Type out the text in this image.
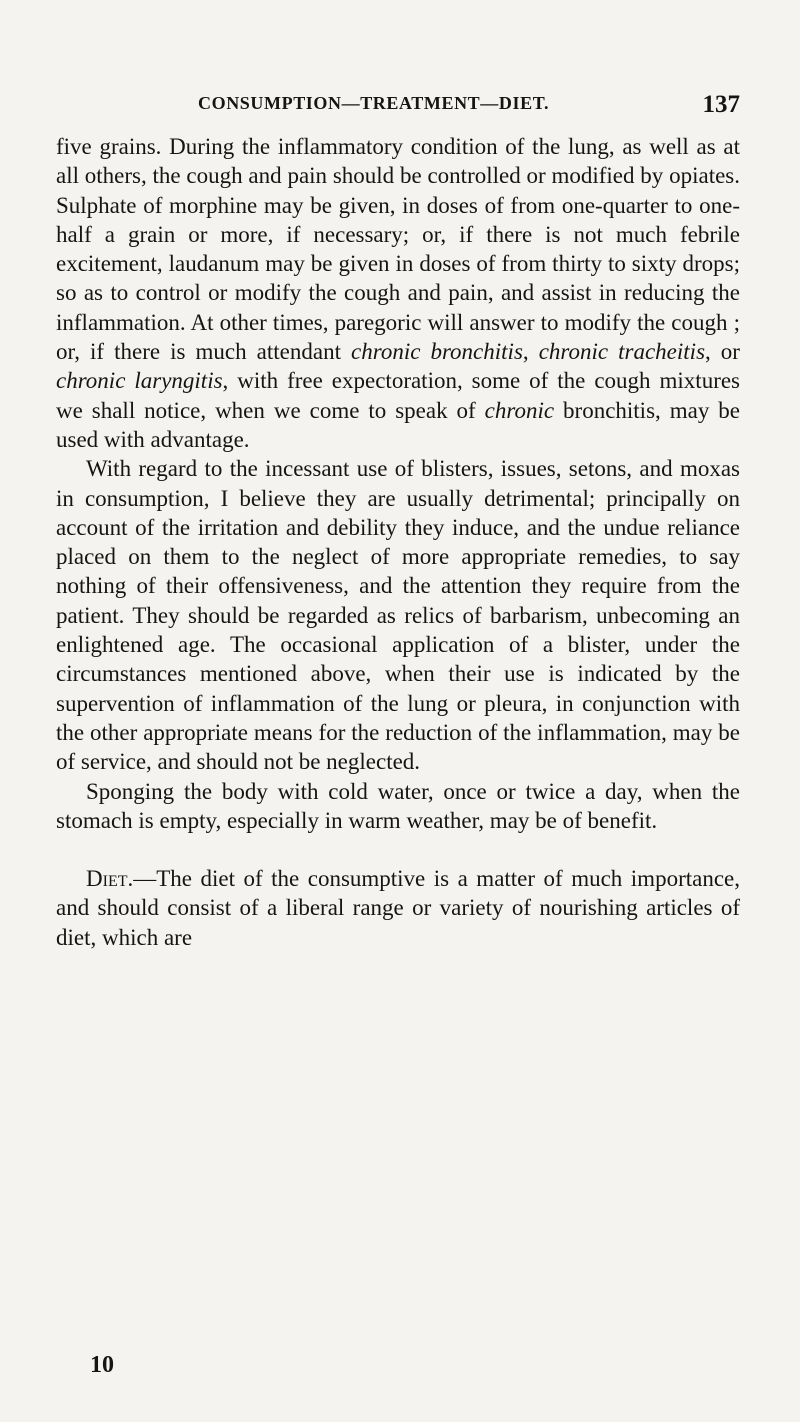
CONSUMPTION—TREATMENT—DIET.	137

five grains. During the inflammatory condition of the lung, as well as at all others, the cough and pain should be controlled or modified by opiates. Sulphate of morphine may be given, in doses of from one-quarter to one-half a grain or more, if necessary; or, if there is not much febrile excitement, laudanum may be given in doses of from thirty to sixty drops; so as to control or modify the cough and pain, and assist in reducing the inflammation. At other times, paregoric will answer to modify the cough ; or, if there is much attendant chronic bronchitis, chronic tracheitis, or chronic laryngitis, with free expectoration, some of the cough mixtures we shall notice, when we come to speak of chronic bronchitis, may be used with advantage.

With regard to the incessant use of blisters, issues, setons, and moxas in consumption, I believe they are usually detrimental; principally on account of the irritation and debility they induce, and the undue reliance placed on them to the neglect of more appropriate remedies, to say nothing of their offensiveness, and the attention they require from the patient. They should be regarded as relics of barbarism, unbecoming an enlightened age. The occasional application of a blister, under the circumstances mentioned above, when their use is indicated by the supervention of inflammation of the lung or pleura, in conjunction with the other appropriate means for the reduction of the inflammation, may be of service, and should not be neglected.

Sponging the body with cold water, once or twice a day, when the stomach is empty, especially in warm weather, may be of benefit.

Diet.—The diet of the consumptive is a matter of much importance, and should consist of a liberal range or variety of nourishing articles of diet, which are

10
